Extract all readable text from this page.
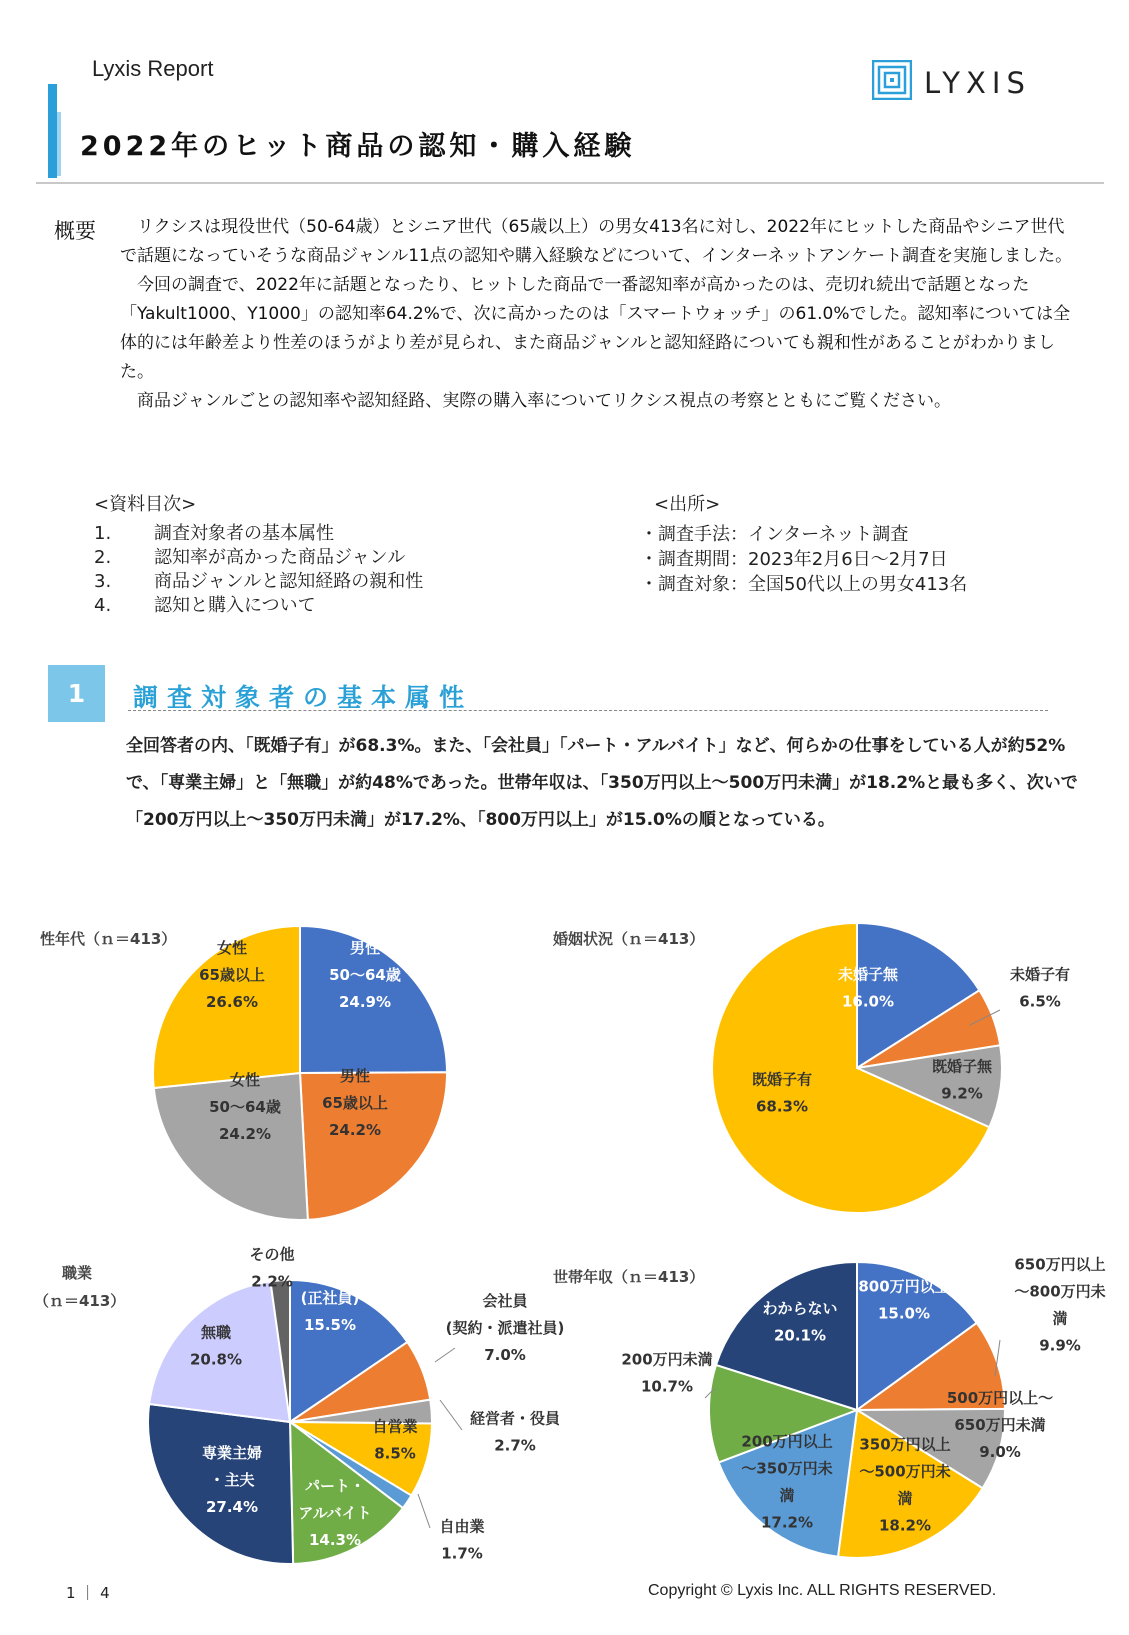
Lyxis Report	LYXIS
2022年のヒット商品の認知・購入経験
概要 　リクシスは現役世代（50-64歳）とシニア世代（65歳以上）の男女413名に対し、2022年にヒットした商品やシニア世代で話題になっていそうな商品ジャンル11点の認知や購入経験などについて、インターネットアンケート調査を実施しました。

　今回の調査で、2022年に話題となったり、ヒットした商品で一番認知率が高かったのは、売切れ続出で話題となった「Yakult1000、Y1000」の認知率64.2%で、次に高かったのは「スマートウォッチ」の61.0%でした。認知率については全体的には年齢差より性差のほうがより差が見られ、また商品ジャンルと認知経路についても親和性があることがわかりました。

　商品ジャンルごとの認知率や認知経路、実際の購入率についてリクシス視点の考察とともにご覧ください。

<資料目次>
1.	調査対象者の基本属性
2.	認知率が高かった商品ジャンル
3.	商品ジャンルと認知経路の親和性
4.	認知と購入について
<出所>
・調査手法：インターネット調査
・調査期間：2023年2月6日～2月7日
・調査対象：全国50代以上の男女413名
1	調査対象者の基本属性
全回答者の内、「既婚子有」が68.3%。また、「会社員」「パート・アルバイト」など、何らかの仕事をしている人が約52%で、「専業主婦」と「無職」が約48%であった。世帯年収は、「350万円以上～500万円未満」が18.2%と最も多く、次いで「200万円以上～350万円未満」が17.2%、「800万円以上」が15.0%の順となっている。
性年代（ｎ＝413）	婚姻状況（ｎ＝413）
職業
（ｎ＝413）
世帯年収（ｎ＝413）
男性
50～64歳
24.9%
男性
65歳以上
24.2%
女性
50～64歳
24.2%
女性
65歳以上
26.6%
未婚子無
16.0%
未婚子有
6.5%
既婚子無
9.2%
既婚子有
68.3%
会社員
(正社員)
15.5%
会社員
(契約・派遣社員)
7.0%
経営者・役員
2.7%
自営業
8.5%
自由業
1.7%
パート・
アルバイト
14.3%
専業主婦
・主夫
27.4%
無職
20.8%
その他
2.2%	800万円以上
15.0%
650万円以上
～800万円未
満
9.9%
500万円以上～
650万円未満
9.0%
350万円以上
～500万円未
満
18.2%
200万円以上
～350万円未
満
17.2%
200万円未満
10.7%
わからない
20.1%
1 ｜ 4	Copyright © Lyxis Inc. ALL RIGHTS RESERVED.
